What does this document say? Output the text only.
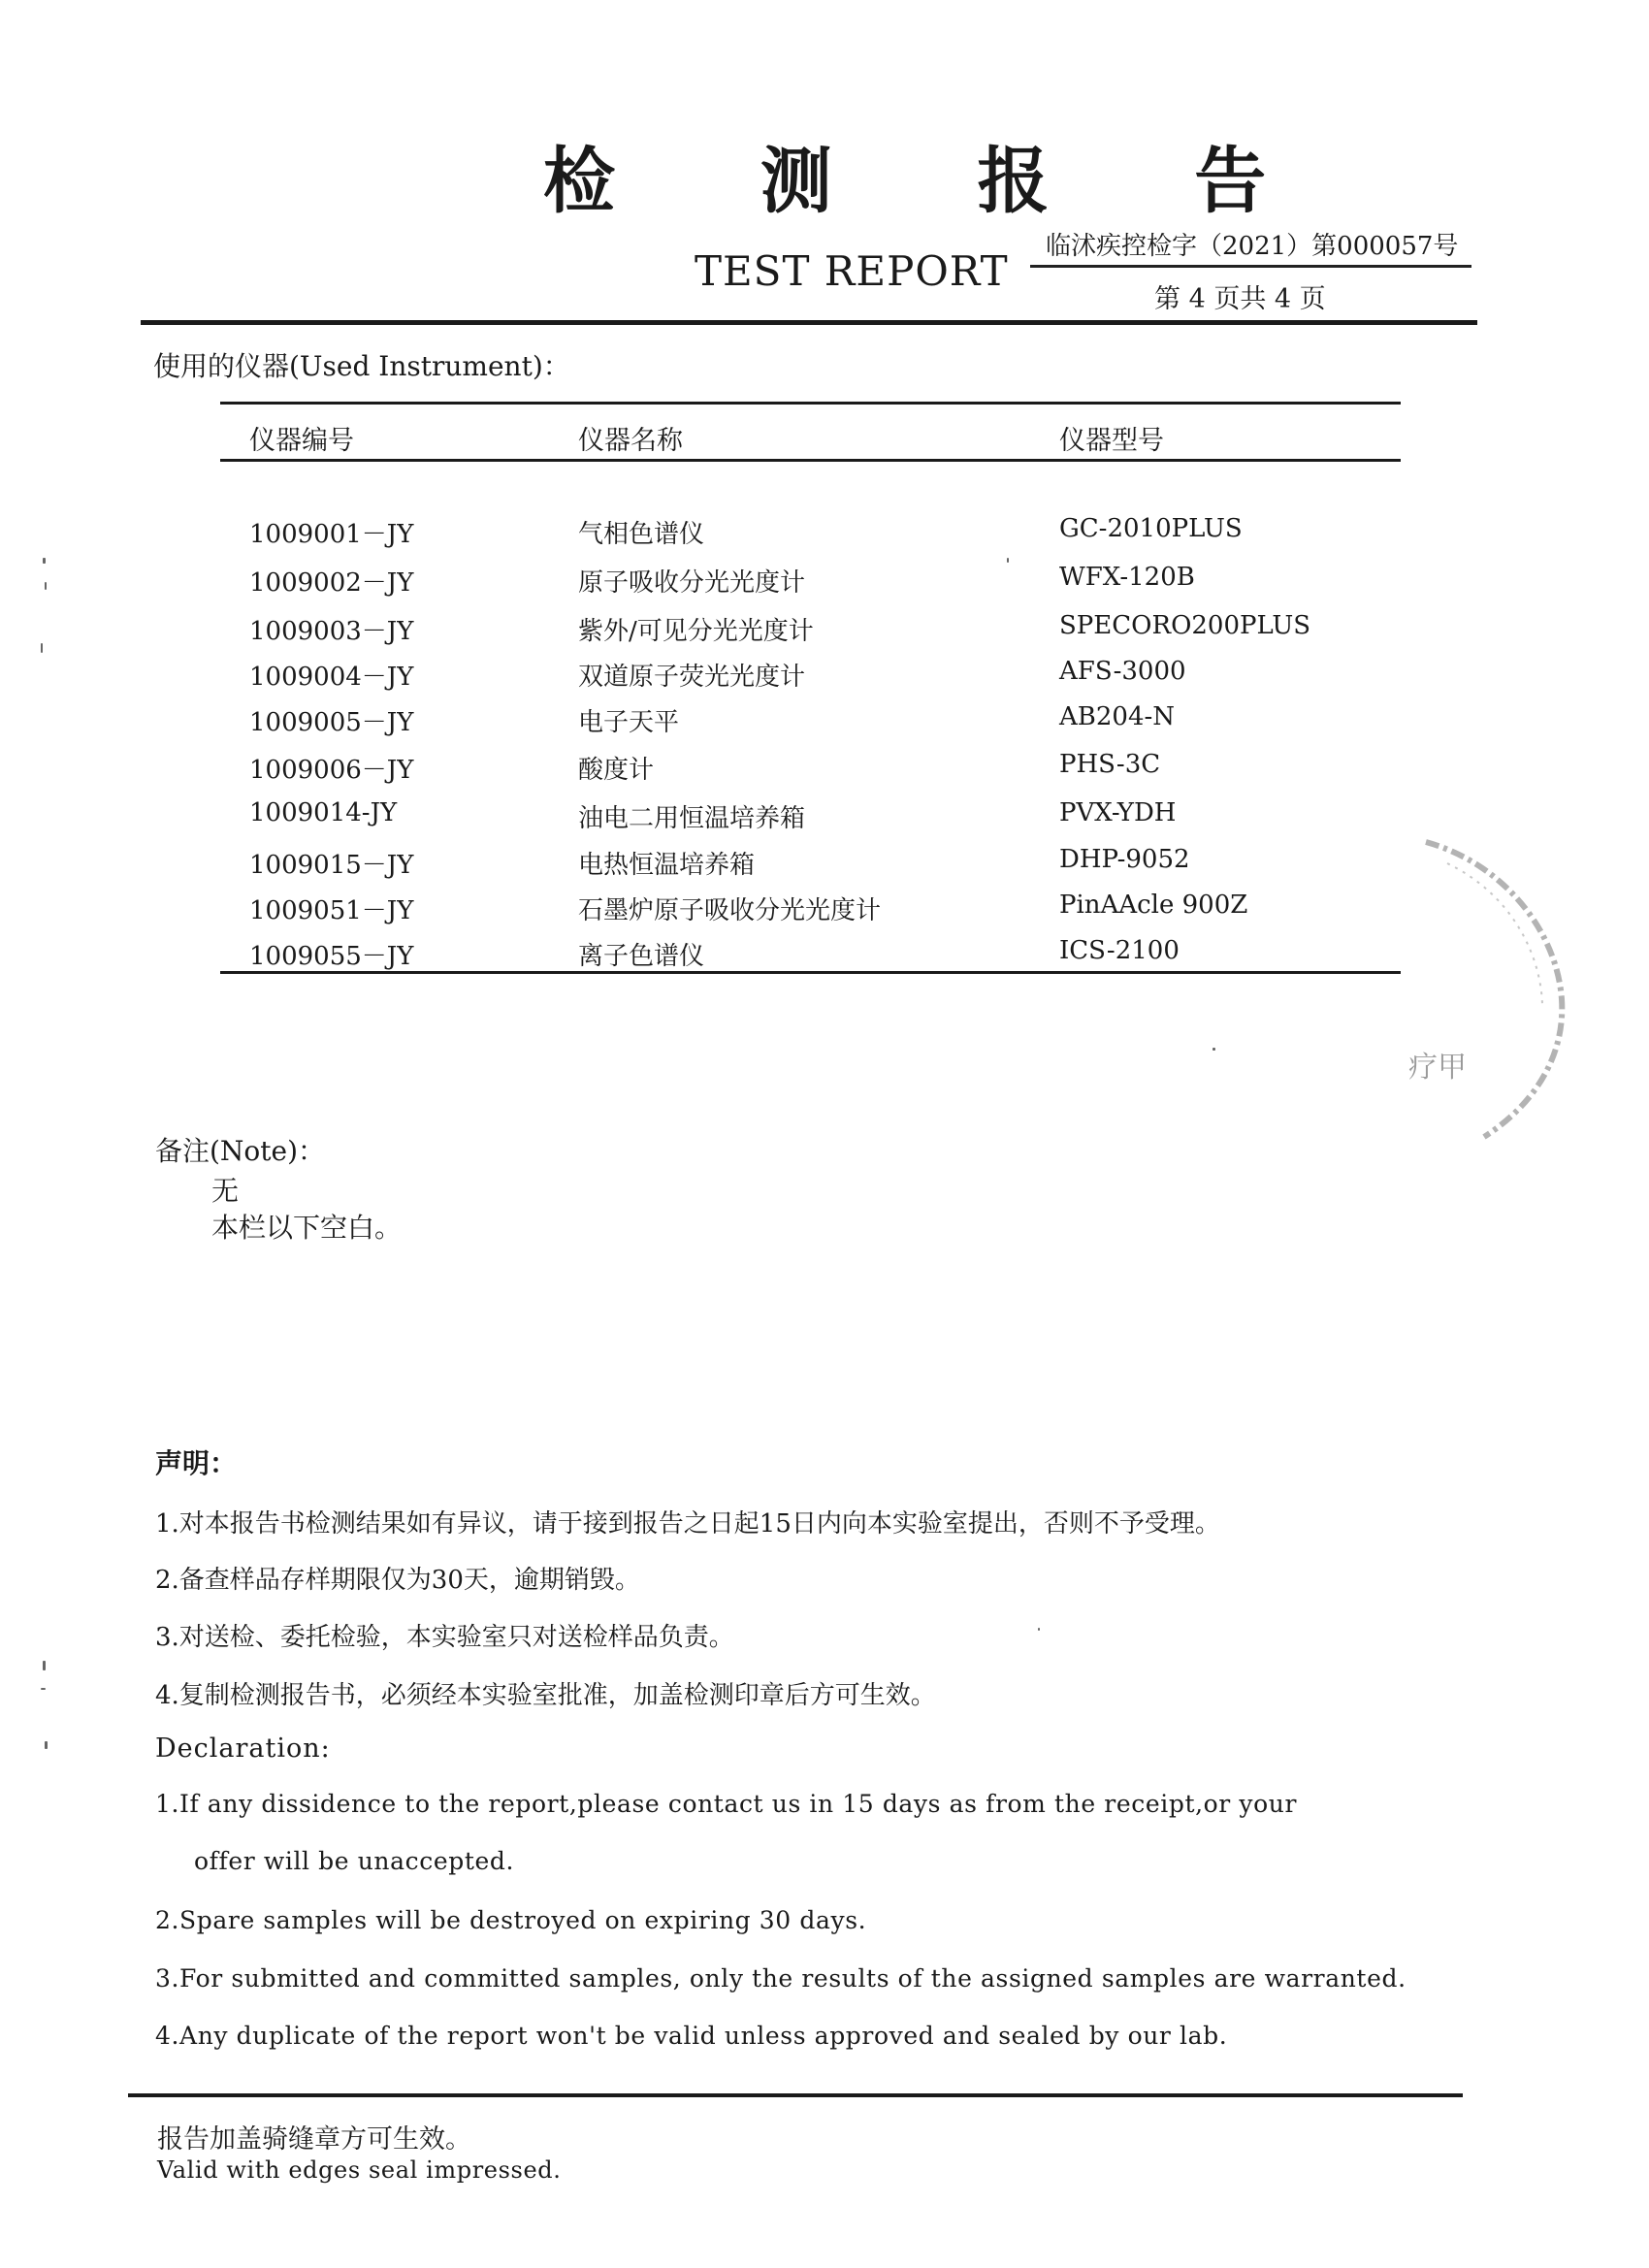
检 测 报 告
TEST REPORT
临沭疾控检字（2021）第000057号
第 4 页共 4 页
使用的仪器(Used Instrument)：
仪器编号	仪器名称	仪器型号
1009001－JY	气相色谱仪	GC-2010PLUS
1009002－JY	原子吸收分光光度计	WFX-120B
1009003－JY	紫外/可见分光光度计	SPECORO200PLUS
1009004－JY	双道原子荧光光度计	AFS-3000
1009005－JY	电子天平	AB204-N
1009006－JY	酸度计	PHS-3C
1009014-JY	油电二用恒温培养箱	PVX-YDH
1009015－JY	电热恒温培养箱	DHP-9052
1009051－JY	石墨炉原子吸收分光光度计	PinAAcle 900Z
1009055－JY	离子色谱仪	ICS-2100
疗甲
备注(Note)：
无
本栏以下空白。
声明：
1.对本报告书检测结果如有异议，请于接到报告之日起15日内向本实验室提出，否则不予受理。
2.备查样品存样期限仅为30天，逾期销毁。
3.对送检、委托检验，本实验室只对送检样品负责。
4.复制检测报告书，必须经本实验室批准，加盖检测印章后方可生效。
Declaration:
1.If any dissidence to the report,please contact us in 15 days as from the receipt,or your
offer will be unaccepted.
2.Spare samples will be destroyed on expiring 30 days.
3.For submitted and committed samples, only the results of the assigned samples are warranted.
4.Any duplicate of the report won't be valid unless approved and sealed by our lab.
报告加盖骑缝章方可生效。
Valid with edges seal impressed.
